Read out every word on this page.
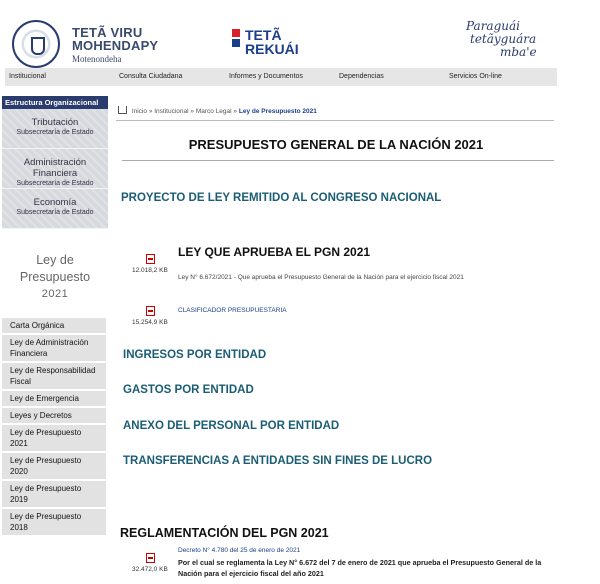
TETÃ VIRU
MOHENDAPY
Motenondeha
TETÃ
REKUÁI
Paraguái
tetãyguára
mba'e
Institucional	Consulta Ciudadana	Informes y Documentos	Dependencias	Servicios On-line
Estructura Organizacional
Tributación
Subsecretaría de Estado
Administración Financiera
Subsecretaría de Estado
Economía
Subsecretaría de Estado
Ley de
Presupuesto
2021
Carta Orgánica
Ley de Administración Financiera
Ley de Responsabilidad Fiscal
Ley de Emergencia
Leyes y Decretos
Ley de Presupuesto 2021
Ley de Presupuesto 2020
Ley de Presupuesto 2019
Ley de Presupuesto 2018
Inicio » Institucional » Marco Legal » Ley de Presupuesto 2021
PRESUPUESTO GENERAL DE LA NACIÓN 2021
PROYECTO DE LEY REMITIDO AL CONGRESO NACIONAL
LEY QUE APRUEBA EL PGN 2021
12.018,2 KB
Ley N° 6.672/2021 - Que aprueba el Presupuesto General de la Nación para el ejercicio fiscal 2021
CLASIFICADOR PRESUPUESTARIA
15.254,9 KB
INGRESOS POR ENTIDAD
GASTOS POR ENTIDAD
ANEXO DEL PERSONAL POR ENTIDAD
TRANSFERENCIAS A ENTIDADES SIN FINES DE LUCRO
REGLAMENTACIÓN DEL PGN 2021
Decreto N° 4.780 del 25 de enero de 2021
Por el cual se reglamenta la Ley N° 6.672 del 7 de enero de 2021 que aprueba el Presupuesto General de la Nación para el ejercicio fiscal del año 2021
32.472,0 KB
